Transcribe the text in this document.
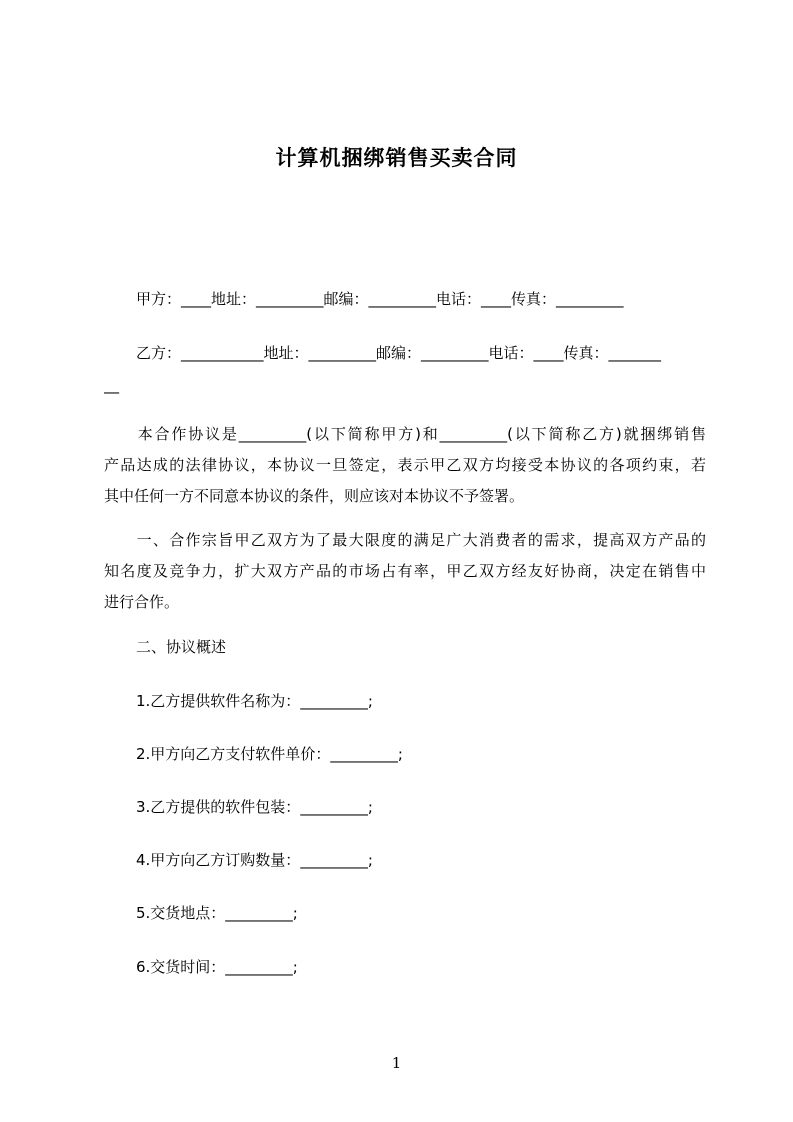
计算机捆绑销售买卖合同
甲方：____地址：_________邮编：_________电话：____传真：_________
乙方：___________地址：_________邮编：_________电话：____传真：_______
__
　　本合作协议是_________(以下简称甲方)和_________(以下简称乙方)就捆绑销售
产品达成的法律协议，本协议一旦签定，表示甲乙双方均接受本协议的各项约束，若
其中任何一方不同意本协议的条件，则应该对本协议不予签署。
　　一、合作宗旨甲乙双方为了最大限度的满足广大消费者的需求，提高双方产品的
知名度及竞争力，扩大双方产品的市场占有率，甲乙双方经友好协商，决定在销售中
进行合作。
二、协议概述
1.乙方提供软件名称为：_________;
2.甲方向乙方支付软件单价：_________;
3.乙方提供的软件包装：_________;
4.甲方向乙方订购数量：_________;
5.交货地点：_________;
6.交货时间：_________;
1
